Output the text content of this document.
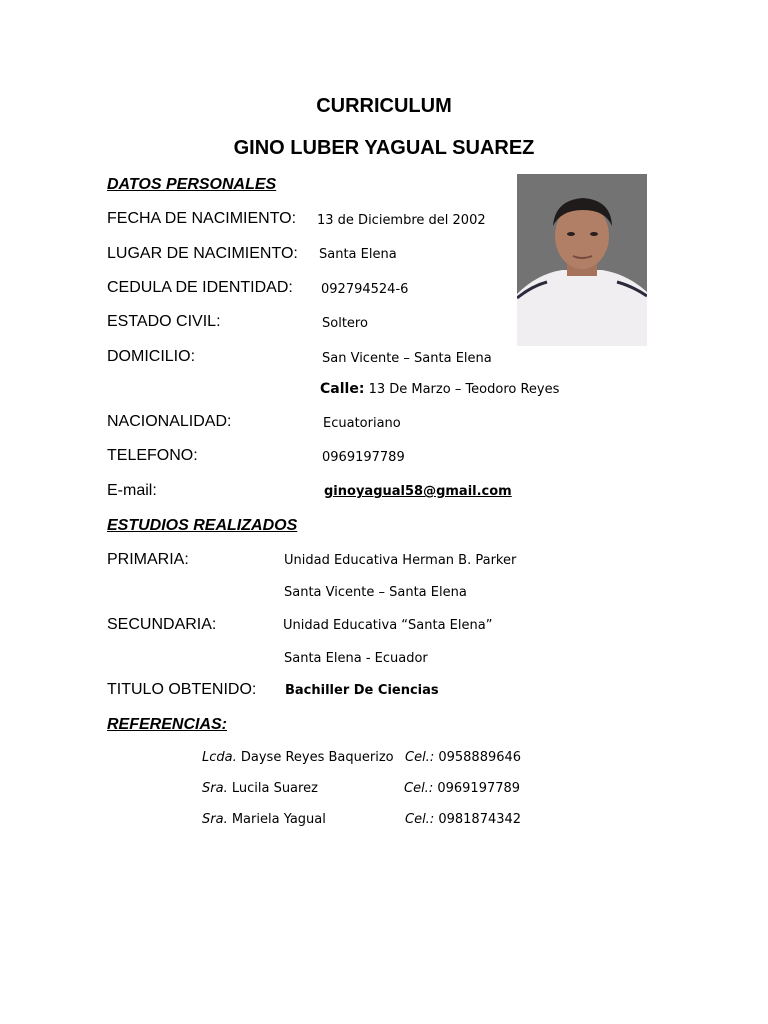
CURRICULUM
GINO LUBER YAGUAL SUAREZ
DATOS PERSONALES
FECHA DE NACIMIENTO: 13 de Diciembre del 2002
LUGAR DE NACIMIENTO: Santa Elena
CEDULA DE IDENTIDAD: 092794524-6
ESTADO CIVIL:	Soltero
DOMICILIO:	San Vicente – Santa Elena
Calle: 13 De Marzo – Teodoro Reyes
NACIONALIDAD:	Ecuatoriano
TELEFONO:	0969197789
E-mail:	ginoyagual58@gmail.com
ESTUDIOS REALIZADOS
PRIMARIA:	Unidad Educativa Herman B. Parker
Santa Vicente – Santa Elena
SECUNDARIA:	Unidad Educativa “Santa Elena”
Santa Elena - Ecuador
TITULO OBTENIDO: Bachiller De Ciencias
REFERENCIAS:
Lcda. Dayse Reyes Baquerizo Cel.: 0958889646
Sra. Lucila Suarez	Cel.: 0969197789
Sra. Mariela Yagual	Cel.: 0981874342
